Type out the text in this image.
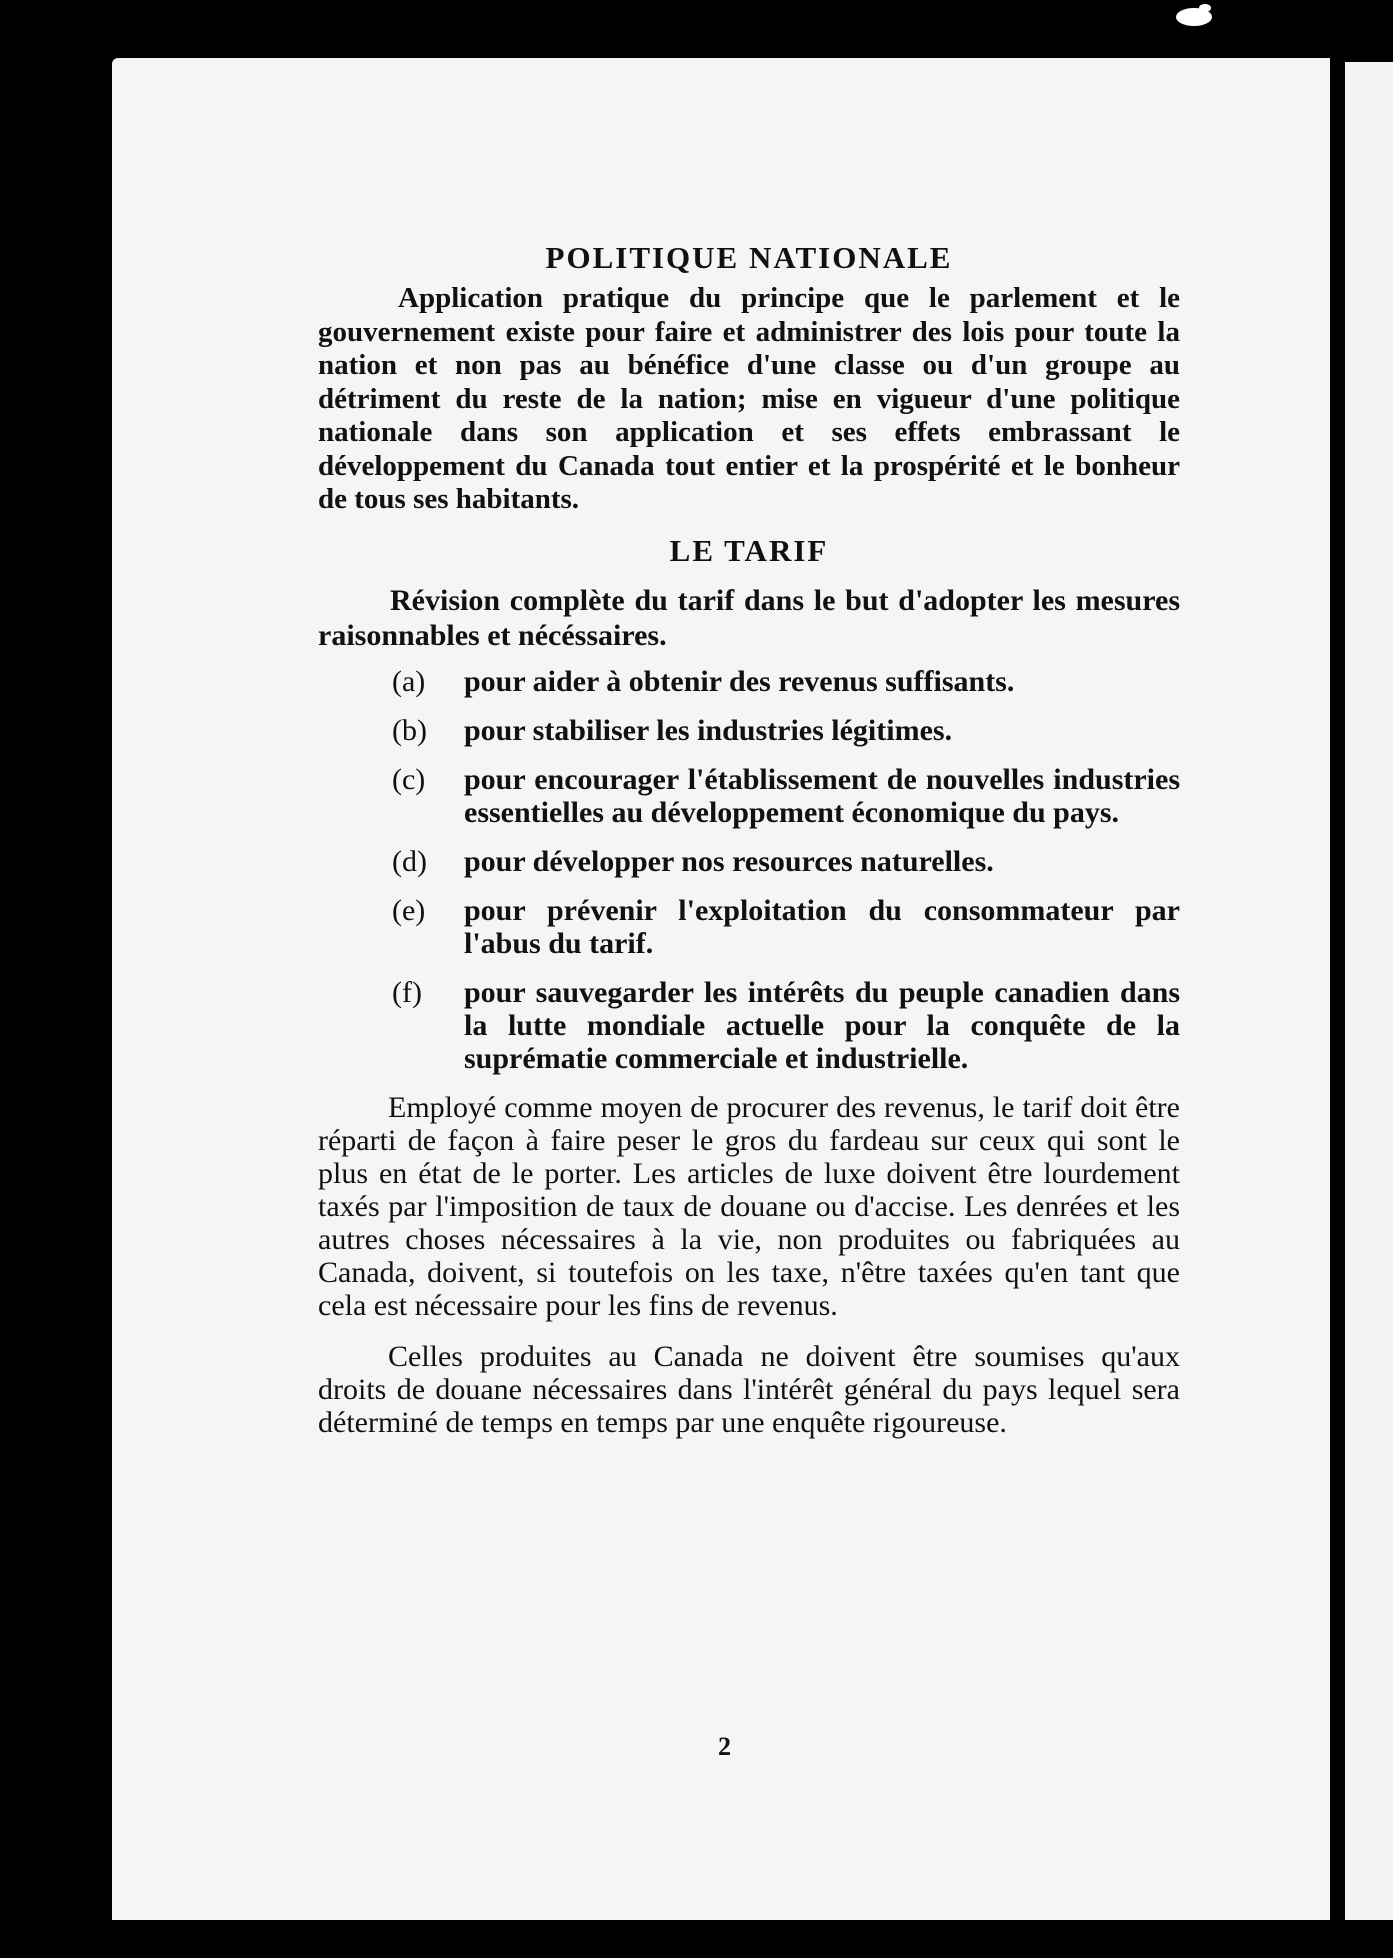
POLITIQUE NATIONALE

Application pratique du principe que le parlement et le gouvernement existe pour faire et administrer des lois pour toute la nation et non pas au bénéfice d'une classe ou d'un groupe au détriment du reste de la nation; mise en vigueur d'une politique nationale dans son application et ses effets embrassant le développement du Canada tout entier et la prospérité et le bonheur de tous ses habitants.

LE TARIF

Révision complète du tarif dans le but d'adopter les mesures raisonnables et nécéssaires.

(a)	pour aider à obtenir des revenus suffisants.
(b)	pour stabiliser les industries légitimes.
(c)	pour encourager l'établissement de nouvelles industries essentielles au développement économique du pays.
(d)	pour développer nos resources naturelles.
(e)	pour prévenir l'exploitation du consommateur par l'abus du tarif.
(f)	pour sauvegarder les intérêts du peuple canadien dans la lutte mondiale actuelle pour la conquête de la suprématie commerciale et industrielle.

Employé comme moyen de procurer des revenus, le tarif doit être réparti de façon à faire peser le gros du fardeau sur ceux qui sont le plus en état de le porter. Les articles de luxe doivent être lourdement taxés par l'imposition de taux de douane ou d'accise. Les denrées et les autres choses nécessaires à la vie, non produites ou fabriquées au Canada, doivent, si toutefois on les taxe, n'être taxées qu'en tant que cela est nécessaire pour les fins de revenus.

Celles produites au Canada ne doivent être soumises qu'aux droits de douane nécessaires dans l'intérêt général du pays lequel sera déterminé de temps en temps par une enquête rigoureuse.

2
